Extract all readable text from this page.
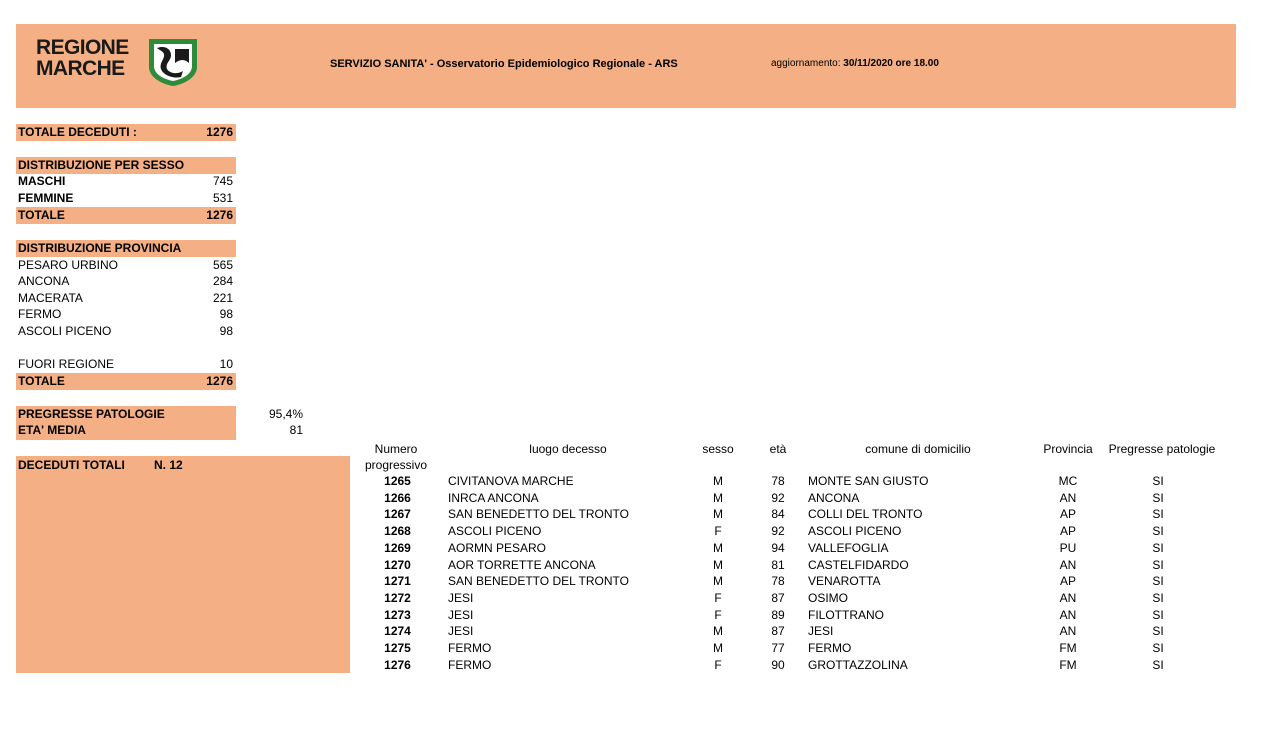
REGIONE
MARCHE	SERVIZIO SANITA' - Osservatorio Epidemiologico Regionale - ARS	aggiornamento: 30/11/2020 ore 18.00
TOTALE DECEDUTI :	1276
DISTRIBUZIONE PER SESSO
MASCHI	745
FEMMINE	531
TOTALE	1276
DISTRIBUZIONE PROVINCIA
PESARO URBINO	565
ANCONA	284
MACERATA	221
FERMO	98
ASCOLI PICENO	98
FUORI REGIONE	10
TOTALE	1276
PREGRESSE PATOLOGIE	95,4%
ETA' MEDIA	81
DECEDUTI TOTALI N. 12
Numero
progressivo
luogo decesso	sesso	età	comune di domicilio	Provincia	Pregresse patologie
1265	CIVITANOVA MARCHE	M	78	MONTE SAN GIUSTO	MC	SI
1266	INRCA ANCONA	M	92	ANCONA	AN	SI
1267	SAN BENEDETTO DEL TRONTO	M	84	COLLI DEL TRONTO	AP	SI
1268	ASCOLI PICENO	F	92	ASCOLI PICENO	AP	SI
1269	AORMN PESARO	M	94	VALLEFOGLIA	PU	SI
1270	AOR TORRETTE ANCONA	M	81	CASTELFIDARDO	AN	SI
1271	SAN BENEDETTO DEL TRONTO	M	78	VENAROTTA	AP	SI
1272	JESI	F	87	OSIMO	AN	SI
1273	JESI	F	89	FILOTTRANO	AN	SI
1274	JESI	M	87	JESI	AN	SI
1275	FERMO	M	77	FERMO	FM	SI
1276	FERMO	F	90	GROTTAZZOLINA	FM	SI
